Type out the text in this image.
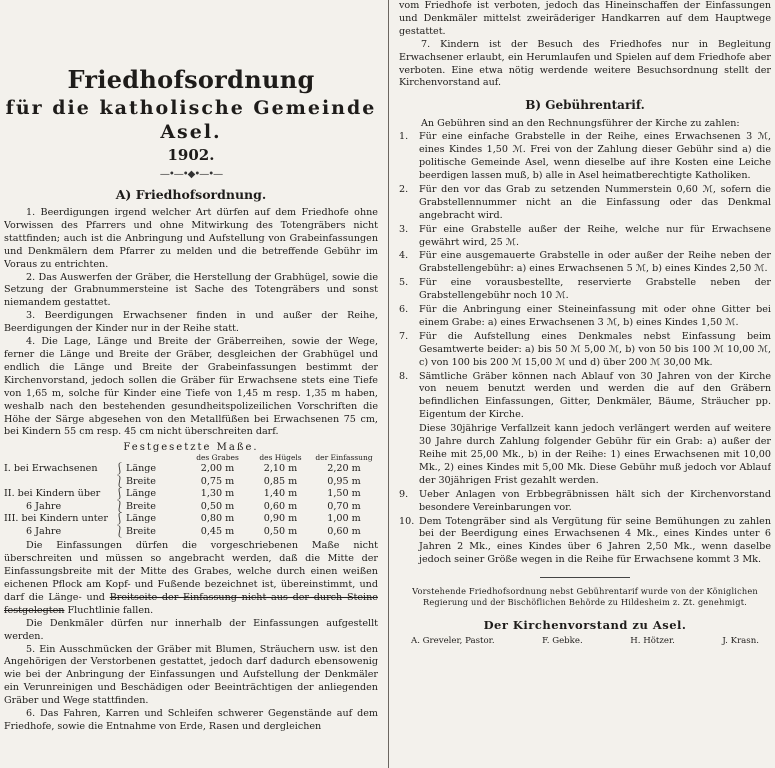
Friedhofsordnung
für die katholische Gemeinde Asel.
1902.
—•—•◆•—•—
A) Friedhofsordnung.

1. Beerdigungen irgend welcher Art dürfen auf dem Friedhofe ohne Vorwissen des Pfarrers und ohne Mitwirkung des Totengräbers nicht stattfinden; auch ist die Anbringung und Aufstellung von Grabeinfassungen und Denkmälern dem Pfarrer zu melden und die betreffende Gebühr im Voraus zu entrichten.

2. Das Auswerfen der Gräber, die Herstellung der Grabhügel, sowie die Setzung der Grabnummersteine ist Sache des Totengräbers und sonst niemandem gestattet.

3. Beerdigungen Erwachsener finden in und außer der Reihe, Beerdigungen der Kinder nur in der Reihe statt.

4. Die Lage, Länge und Breite der Gräberreihen, sowie der Wege, ferner die Länge und Breite der Gräber, desgleichen der Grabhügel und endlich die Länge und Breite der Grabeinfassungen bestimmt der Kirchenvorstand, jedoch sollen die Gräber für Erwachsene stets eine Tiefe von 1,65 m, solche für Kinder eine Tiefe von 1,45 m resp. 1,35 m haben, weshalb nach den bestehenden gesundheitspolizeilichen Vorschriften die Höhe der Särge abgesehen von den Metallfüßen bei Erwachsenen 75 cm, bei Kindern 55 cm resp. 45 cm nicht überschreiten darf.

Festgesetzte Maße.
			des Grabes	des Hügels	der Einfassung
I. bei Erwachsenen	⎰	Länge	2,00 m	2,10 m	2,20 m
	⎱	Breite	0,75 m	0,85 m	0,95 m
II. bei Kindern über	⎰	Länge	1,30 m	1,40 m	1,50 m
6 Jahre	⎱	Breite	0,50 m	0,60 m	0,70 m
III. bei Kindern unter	⎰	Länge	0,80 m	0,90 m	1,00 m
6 Jahre	⎱	Breite	0,45 m	0,50 m	0,60 m

Die Einfassungen dürfen die vorgeschriebenen Maße nicht überschreiten und müssen so angebracht werden, daß die Mitte der Einfassungsbreite mit der Mitte des Grabes, welche durch einen weißen eichenen Pflock am Kopf- und Fußende bezeichnet ist, übereinstimmt, und darf die Länge- und Breitseite der Einfassung nicht aus der durch Steine festgelegten Fluchtlinie fallen.

Die Denkmäler dürfen nur innerhalb der Einfassungen aufgestellt werden.

5. Ein Ausschmücken der Gräber mit Blumen, Sträuchern usw. ist den Angehörigen der Verstorbenen gestattet, jedoch darf dadurch ebensowenig wie bei der Anbringung der Einfassungen und Aufstellung der Denkmäler ein Verunreinigen und Beschädigen oder Beeinträchtigen der anliegenden Gräber und Wege stattfinden.

6. Das Fahren, Karren und Schleifen schwerer Gegenstände auf dem Friedhofe, sowie die Entnahme von Erde, Rasen und dergleichen

vom Friedhofe ist verboten, jedoch das Hineinschaffen der Einfassungen und Denkmäler mittelst zweiräderiger Handkarren auf dem Hauptwege gestattet.

7. Kindern ist der Besuch des Friedhofes nur in Begleitung Erwachsener erlaubt, ein Herumlaufen und Spielen auf dem Friedhofe aber verboten. Eine etwa nötig werdende weitere Besuchsordnung stellt der Kirchenvorstand auf.

B) Gebührentarif.

An Gebühren sind an den Rechnungsführer der Kirche zu zahlen:

1. Für eine einfache Grabstelle in der Reihe, eines Erwachsenen 3 ℳ, eines Kindes 1,50 ℳ. Frei von der Zahlung dieser Gebühr sind a) die politische Gemeinde Asel, wenn dieselbe auf ihre Kosten eine Leiche beerdigen lassen muß, b) alle in Asel heimatberechtigte Katholiken.

2. Für den vor das Grab zu setzenden Nummerstein 0,60 ℳ, sofern die Grabstellennummer nicht an die Einfassung oder das Denkmal angebracht wird.

3. Für eine Grabstelle außer der Reihe, welche nur für Erwachsene gewährt wird, 25 ℳ.

4. Für eine ausgemauerte Grabstelle in oder außer der Reihe neben der Grabstellengebühr: a) eines Erwachsenen 5 ℳ, b) eines Kindes 2,50 ℳ.

5. Für eine vorausbestellte, reservierte Grabstelle neben der Grabstellengebühr noch 10 ℳ.

6. Für die Anbringung einer Steineinfassung mit oder ohne Gitter bei einem Grabe: a) eines Erwachsenen 3 ℳ, b) eines Kindes 1,50 ℳ.

7. Für die Aufstellung eines Denkmales nebst Einfassung beim Gesamtwerte beider: a) bis 50 ℳ 5,00 ℳ, b) von 50 bis 100 ℳ 10,00 ℳ, c) von 100 bis 200 ℳ 15,00 ℳ und d) über 200 ℳ 30,00 Mk.

8. Sämtliche Gräber können nach Ablauf von 30 Jahren von der Kirche von neuem benutzt werden und werden die auf den Gräbern befindlichen Einfassungen, Gitter, Denkmäler, Bäume, Sträucher pp. Eigentum der Kirche.

Diese 30jährige Verfallzeit kann jedoch verlängert werden auf weitere 30 Jahre durch Zahlung folgender Gebühr für ein Grab: a) außer der Reihe mit 25,00 Mk., b) in der Reihe: 1) eines Erwachsenen mit 10,00 Mk., 2) eines Kindes mit 5,00 Mk. Diese Gebühr muß jedoch vor Ablauf der 30jährigen Frist gezahlt werden.

9. Ueber Anlagen von Erbbegräbnissen hält sich der Kirchenvorstand besondere Vereinbarungen vor.

10. Dem Totengräber sind als Vergütung für seine Bemühungen zu zahlen bei der Beerdigung eines Erwachsenen 4 Mk., eines Kindes unter 6 Jahren 2 Mk., eines Kindes über 6 Jahren 2,50 Mk., wenn daselbe jedoch seiner Größe wegen in die Reihe für Erwachsene kommt 3 Mk.

Vorstehende Friedhofsordnung nebst Gebührentarif wurde von der Königlichen Regierung und der Bischöflichen Behörde zu Hildesheim z. Zt. genehmigt.
Der Kirchenvorstand zu Asel.
A. Greveler, Pastor.	F. Gebke.	H. Hötzer.	J. Krasn.
